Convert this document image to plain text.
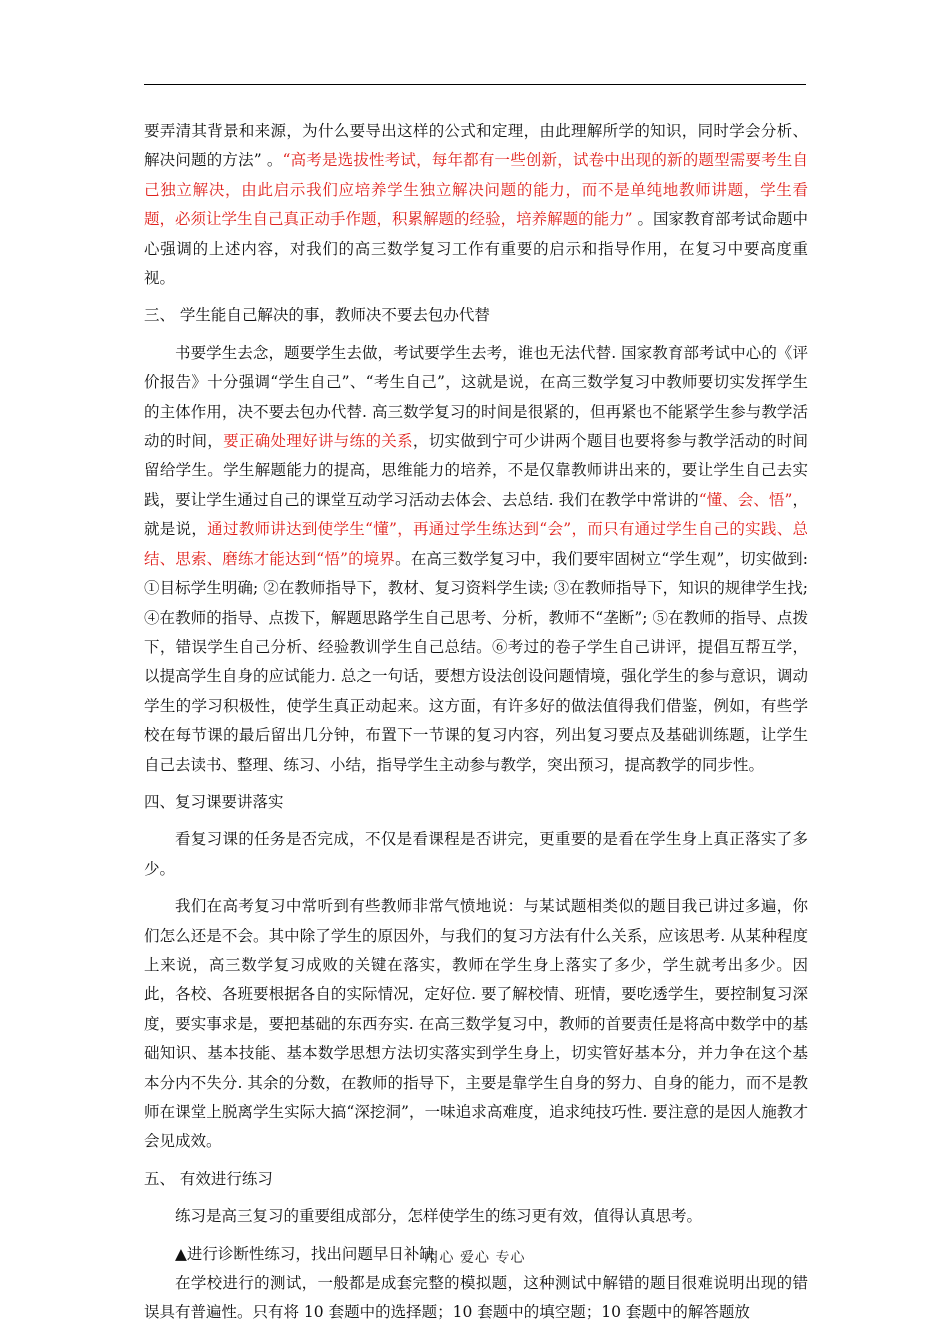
要弄清其背景和来源，为什么要导出这样的公式和定理，由此理解所学的知识，同时学会分析、解决问题的方法” 。“高考是选拔性考试，每年都有一些创新，试卷中出现的新的题型需要考生自己独立解决，由此启示我们应培养学生独立解决问题的能力，而不是单纯地教师讲题，学生看题，必须让学生自己真正动手作题，积累解题的经验，培养解题的能力” 。国家教育部考试命题中心强调的上述内容，对我们的高三数学复习工作有重要的启示和指导作用，在复习中要高度重视。

三、 学生能自己解决的事，教师决不要去包办代替

书要学生去念，题要学生去做，考试要学生去考，谁也无法代替. 国家教育部考试中心的《评价报告》十分强调“学生自己”、“考生自己”，这就是说，在高三数学复习中教师要切实发挥学生的主体作用，决不要去包办代替. 高三数学复习的时间是很紧的，但再紧也不能紧学生参与教学活动的时间，要正确处理好讲与练的关系，切实做到宁可少讲两个题目也要将参与教学活动的时间留给学生。学生解题能力的提高，思维能力的培养，不是仅靠教师讲出来的，要让学生自己去实践，要让学生通过自己的课堂互动学习活动去体会、去总结. 我们在教学中常讲的“懂、会、悟”，就是说，通过教师讲达到使学生“懂”，再通过学生练达到“会”，而只有通过学生自己的实践、总结、思索、磨练才能达到“悟”的境界。在高三数学复习中，我们要牢固树立“学生观”，切实做到: ①目标学生明确; ②在教师指导下，教材、复习资料学生读; ③在教师指导下，知识的规律学生找; ④在教师的指导、点拨下，解题思路学生自己思考、分析，教师不“垄断”; ⑤在教师的指导、点拨下，错误学生自己分析、经验教训学生自己总结。⑥考过的卷子学生自己讲评，提倡互帮互学，以提高学生自身的应试能力. 总之一句话，要想方设法创设问题情境，强化学生的参与意识，调动学生的学习积极性，使学生真正动起来。这方面，有许多好的做法值得我们借鉴，例如，有些学校在每节课的最后留出几分钟，布置下一节课的复习内容，列出复习要点及基础训练题，让学生自己去读书、整理、练习、小结，指导学生主动参与教学，突出预习，提高教学的同步性。

四、复习课要讲落实

看复习课的任务是否完成，不仅是看课程是否讲完，更重要的是看在学生身上真正落实了多少。

我们在高考复习中常听到有些教师非常气愤地说：与某试题相类似的题目我已讲过多遍，你们怎么还是不会。其中除了学生的原因外，与我们的复习方法有什么关系，应该思考. 从某种程度上来说，高三数学复习成败的关键在落实，教师在学生身上落实了多少，学生就考出多少。因此，各校、各班要根据各自的实际情况，定好位. 要了解校情、班情，要吃透学生，要控制复习深度，要实事求是，要把基础的东西夯实. 在高三数学复习中，教师的首要责任是将高中数学中的基础知识、基本技能、基本数学思想方法切实落实到学生身上，切实管好基本分，并力争在这个基本分内不失分. 其余的分数，在教师的指导下，主要是靠学生自身的努力、自身的能力，而不是教师在课堂上脱离学生实际大搞“深挖洞”，一味追求高难度，追求纯技巧性. 要注意的是因人施教才会见成效。

五、 有效进行练习

练习是高三复习的重要组成部分，怎样使学生的练习更有效，值得认真思考。

▲进行诊断性练习，找出问题早日补缺

在学校进行的测试，一般都是成套完整的模拟题，这种测试中解错的题目很难说明出现的错误具有普遍性。只有将 10 套题中的选择题；10 套题中的填空题；10 套题中的解答题放

用心 爱心 专心
